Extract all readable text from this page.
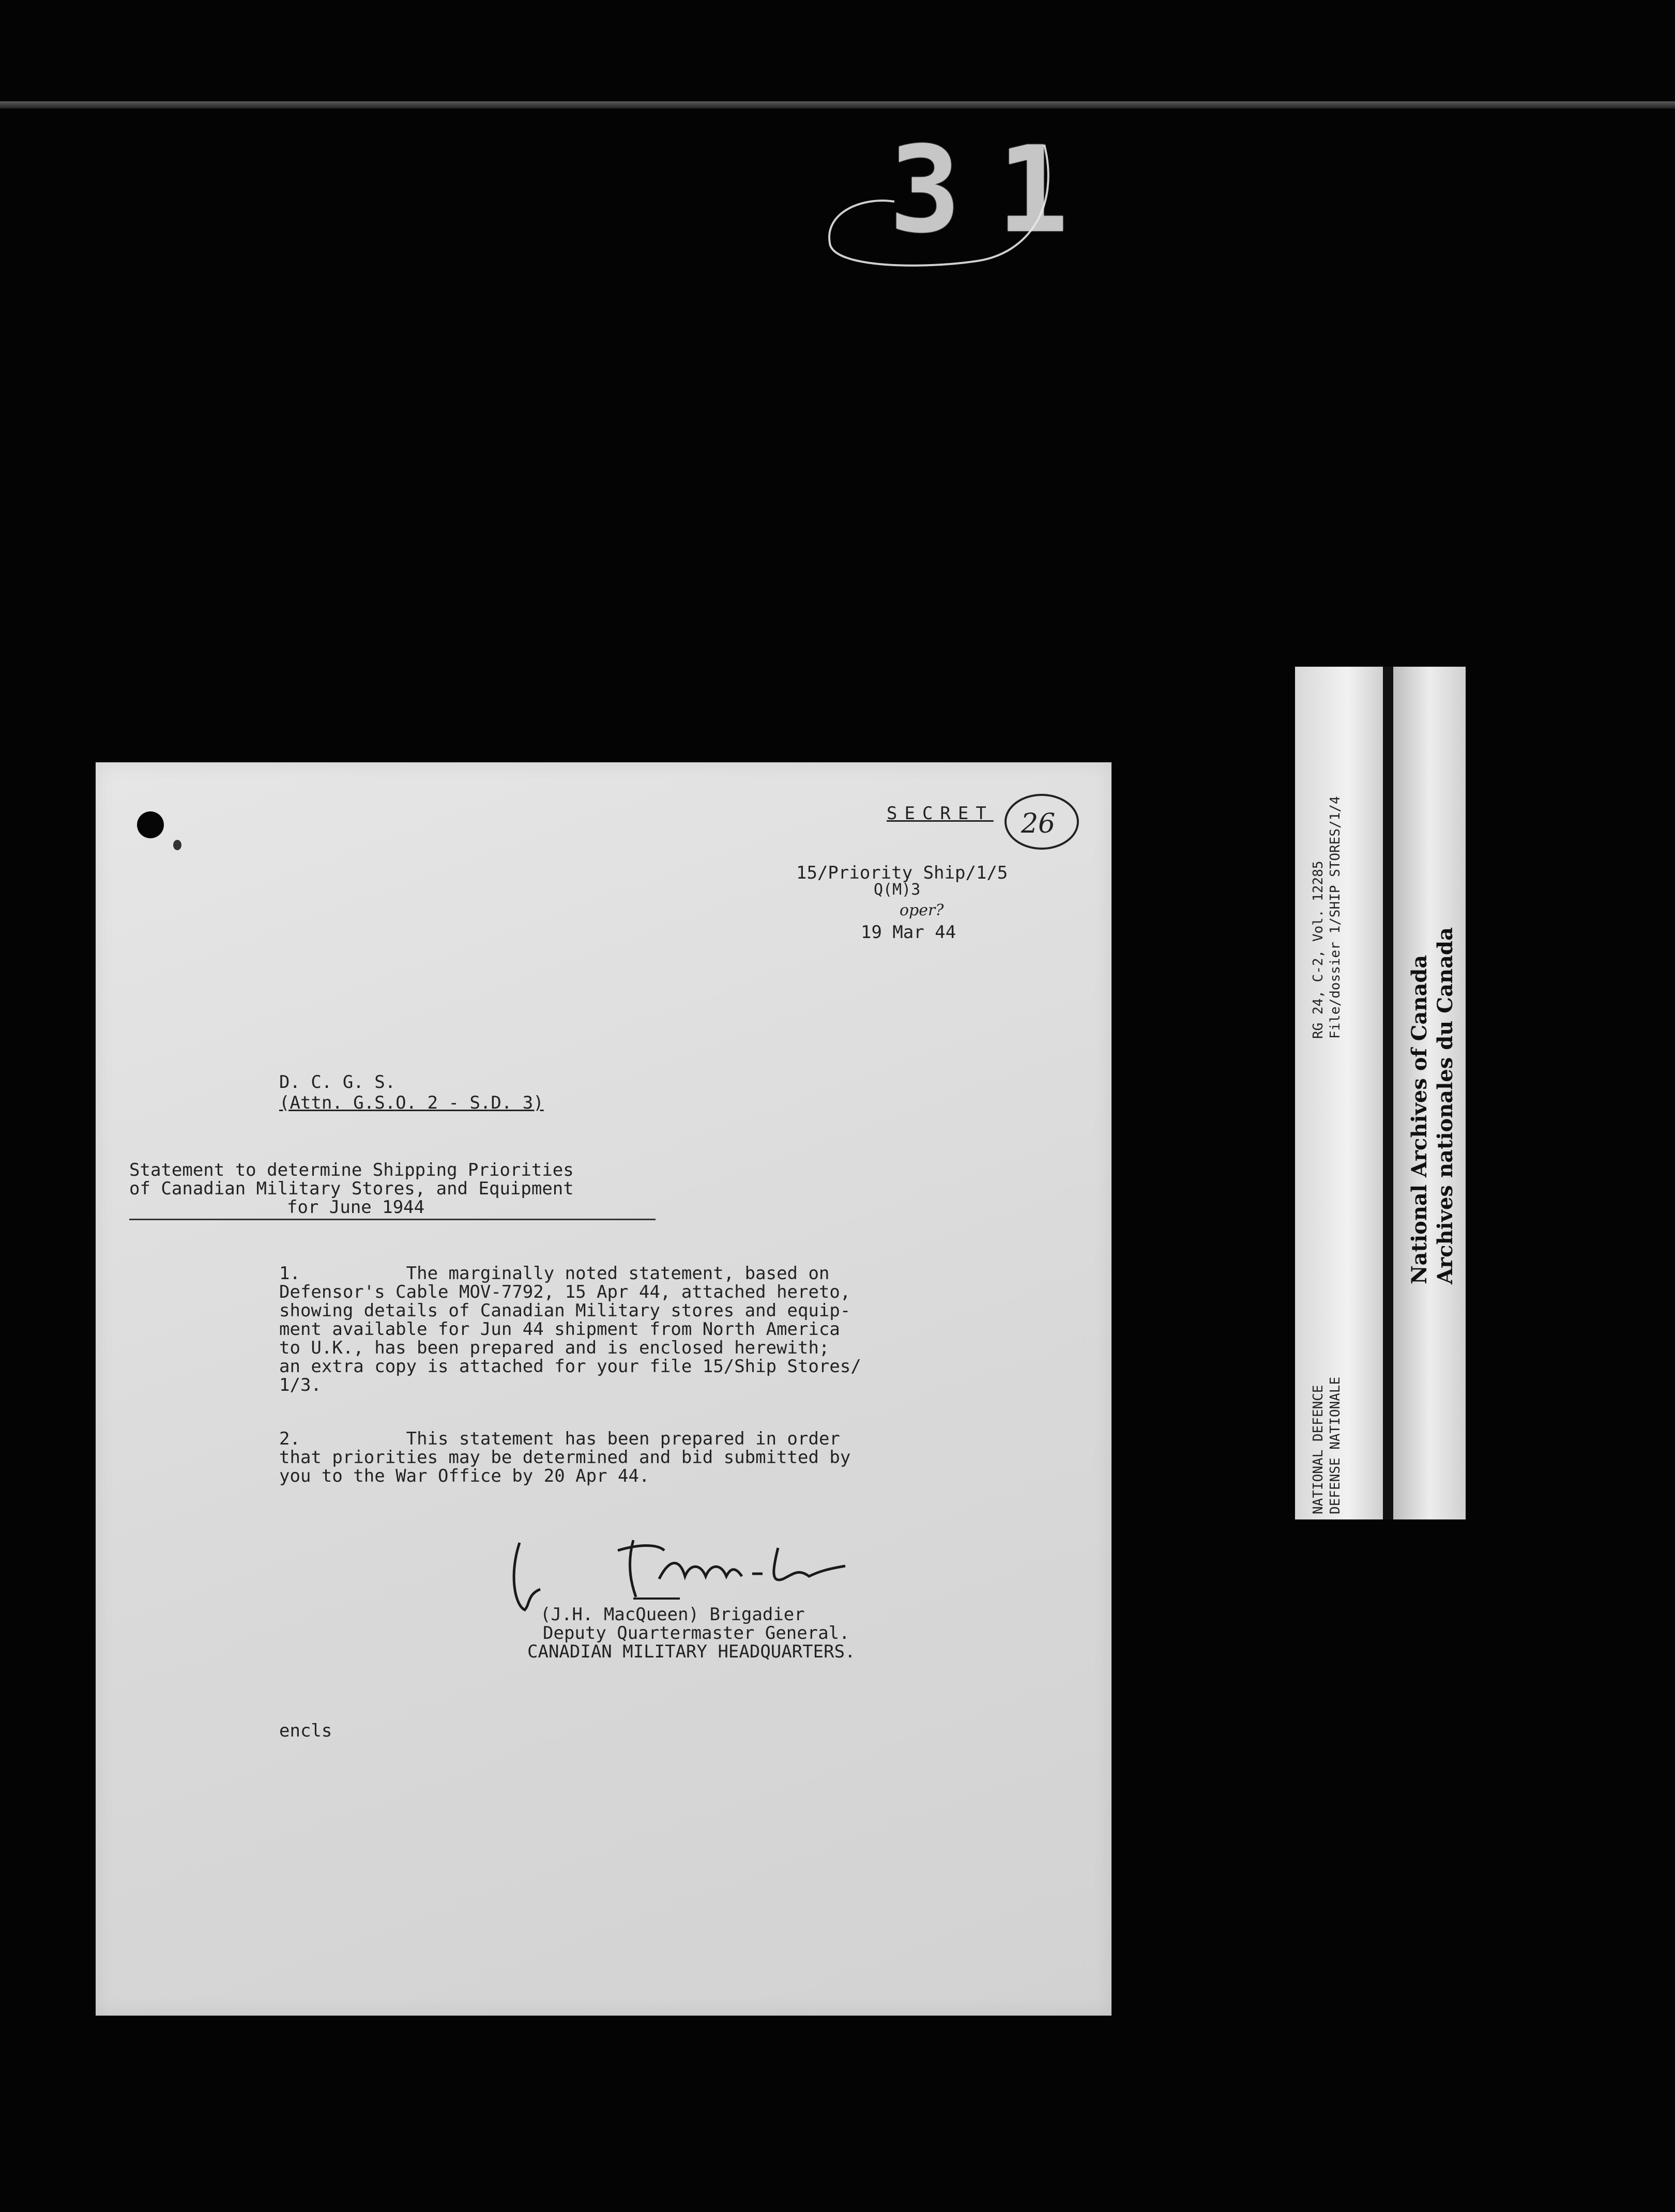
31
RG 24, C-2, Vol. 12285 File/dossier 1/SHIP STORES/1/4
NATIONAL DEFENCE DEFENSE NATIONALE
National Archives of Canada Archives nationales du Canada
SECRET 26
15/Priority Ship/1/5
Q(M)3
oper?
19 Mar 44
D. C. G. S.
(Attn. G.S.O. 2 - S.D. 3)
Statement to determine Shipping Priorities
of Canadian Military Stores, and Equipment
for June 1944
1.          The marginally noted statement, based on
Defensor's Cable MOV-7792, 15 Apr 44, attached hereto,
showing details of Canadian Military stores and equip-
ment available for Jun 44 shipment from North America
to U.K., has been prepared and is enclosed herewith;
an extra copy is attached for your file 15/Ship Stores/
1/3.
2.          This statement has been prepared in order
that priorities may be determined and bid submitted by
you to the War Office by 20 Apr 44.
(J.H. MacQueen) Brigadier
Deputy Quartermaster General.
CANADIAN MILITARY HEADQUARTERS.
encls
